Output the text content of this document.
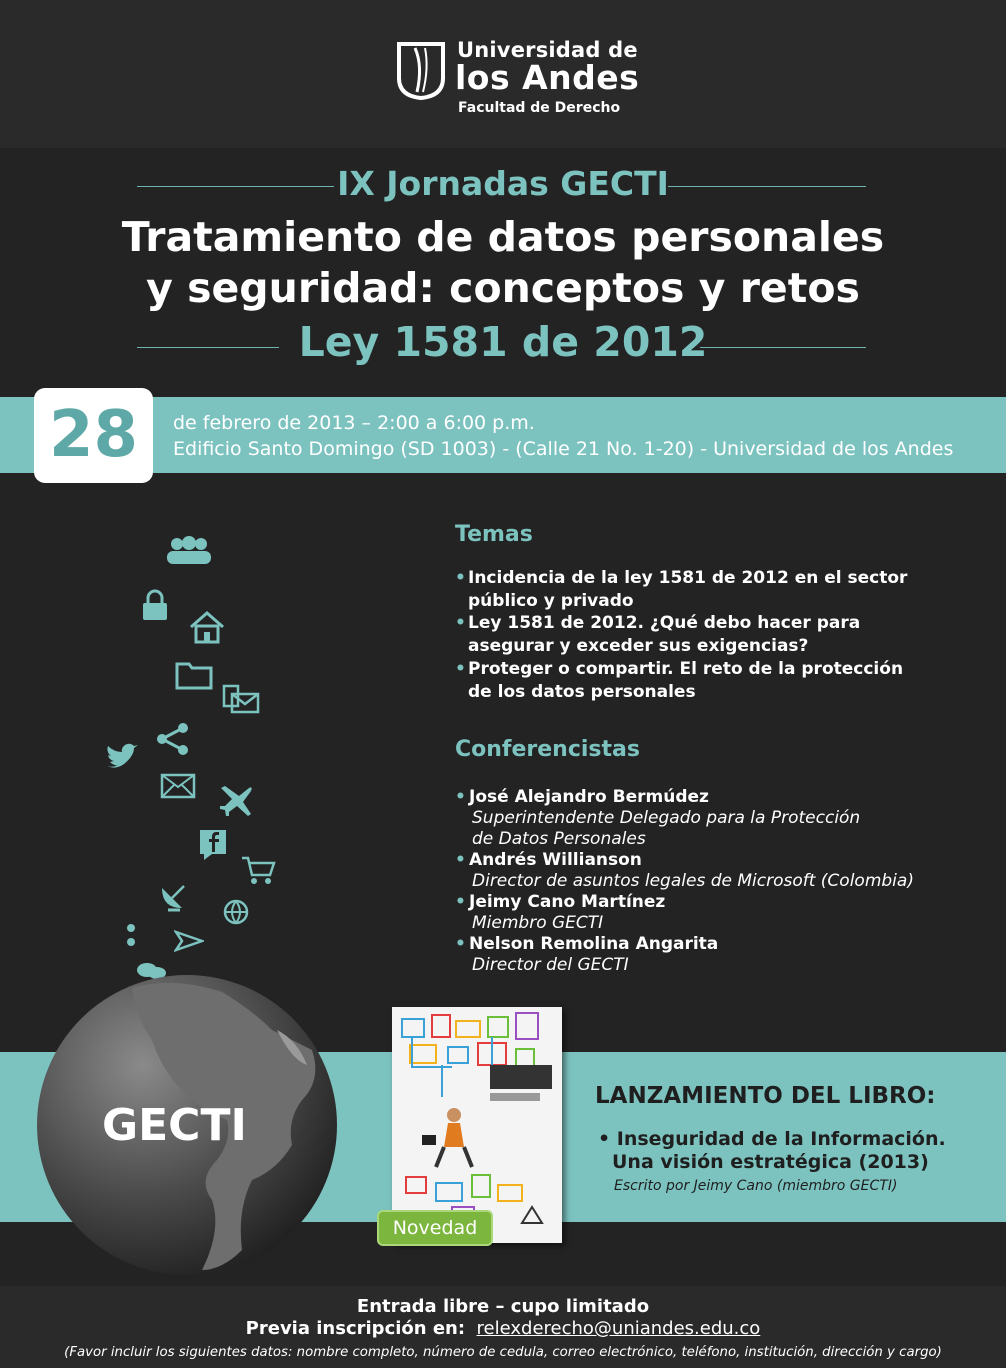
Universidad de
los Andes
Facultad de Derecho
IX Jornadas GECTI
Tratamiento de datos personales
y seguridad: conceptos y retos
Ley 1581 de 2012
28	de febrero de 2013 – 2:00 a 6:00 p.m.
Edificio Santo Domingo (SD 1003) - (Calle 21 No. 1-20) - Universidad de los Andes
Temas
• Incidencia de la ley 1581 de 2012 en el sector
público y privado
• Ley 1581 de 2012. ¿Qué debo hacer para
asegurar y exceder sus exigencias?
• Proteger o compartir. El reto de la protección
de los datos personales
Conferencistas
• José Alejandro Bermúdez
Superintendente Delegado para la Protección
de Datos Personales
• Andrés Willianson
Director de asuntos legales de Microsoft (Colombia)
• Jeimy Cano Martínez
Miembro GECTI
• Nelson Remolina Angarita
Director del GECTI
GECTI
Novedad
LANZAMIENTO DEL LIBRO:
• Inseguridad de la Información.
Una visión estratégica (2013)
Escrito por Jeimy Cano (miembro GECTI)
Entrada libre – cupo limitado
Previa inscripción en: relexderecho@uniandes.edu.co
(Favor incluir los siguientes datos: nombre completo, número de cedula, correo electrónico, teléfono, institución, dirección y cargo)
